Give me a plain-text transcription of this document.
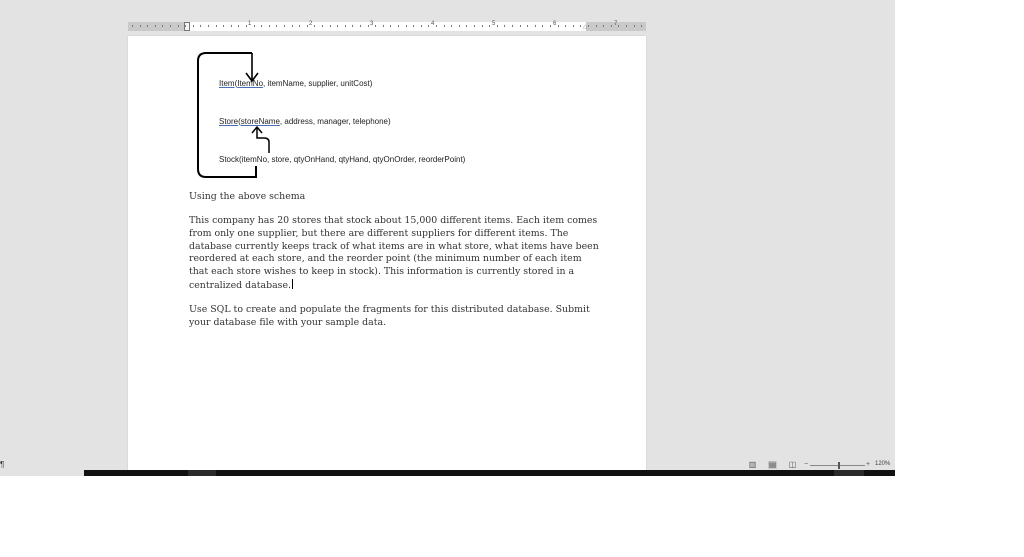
⌂
1	2	3	4	5	6	7
Item(ItemNo, itemName, supplier, unitCost)
Store(storeName, address, manager, telephone)
Stock(itemNo, store, qtyOnHand, qtyHand, qtyOnOrder, reorderPoint)
Using the above schema
This company has 20 stores that stock about 15,000 different items. Each item comes from only one supplier, but there are different suppliers for different items. The database currently keeps track of what items are in what store, what items have been reordered at each store, and the reorder point (the minimum number of each item that each store wishes to keep in stock). This information is currently stored in a centralized database.
Use SQL to create and populate the fragments for this distributed database. Submit your database file with your sample data.
¶	▥ ▤ ◫ −	+ 120%
